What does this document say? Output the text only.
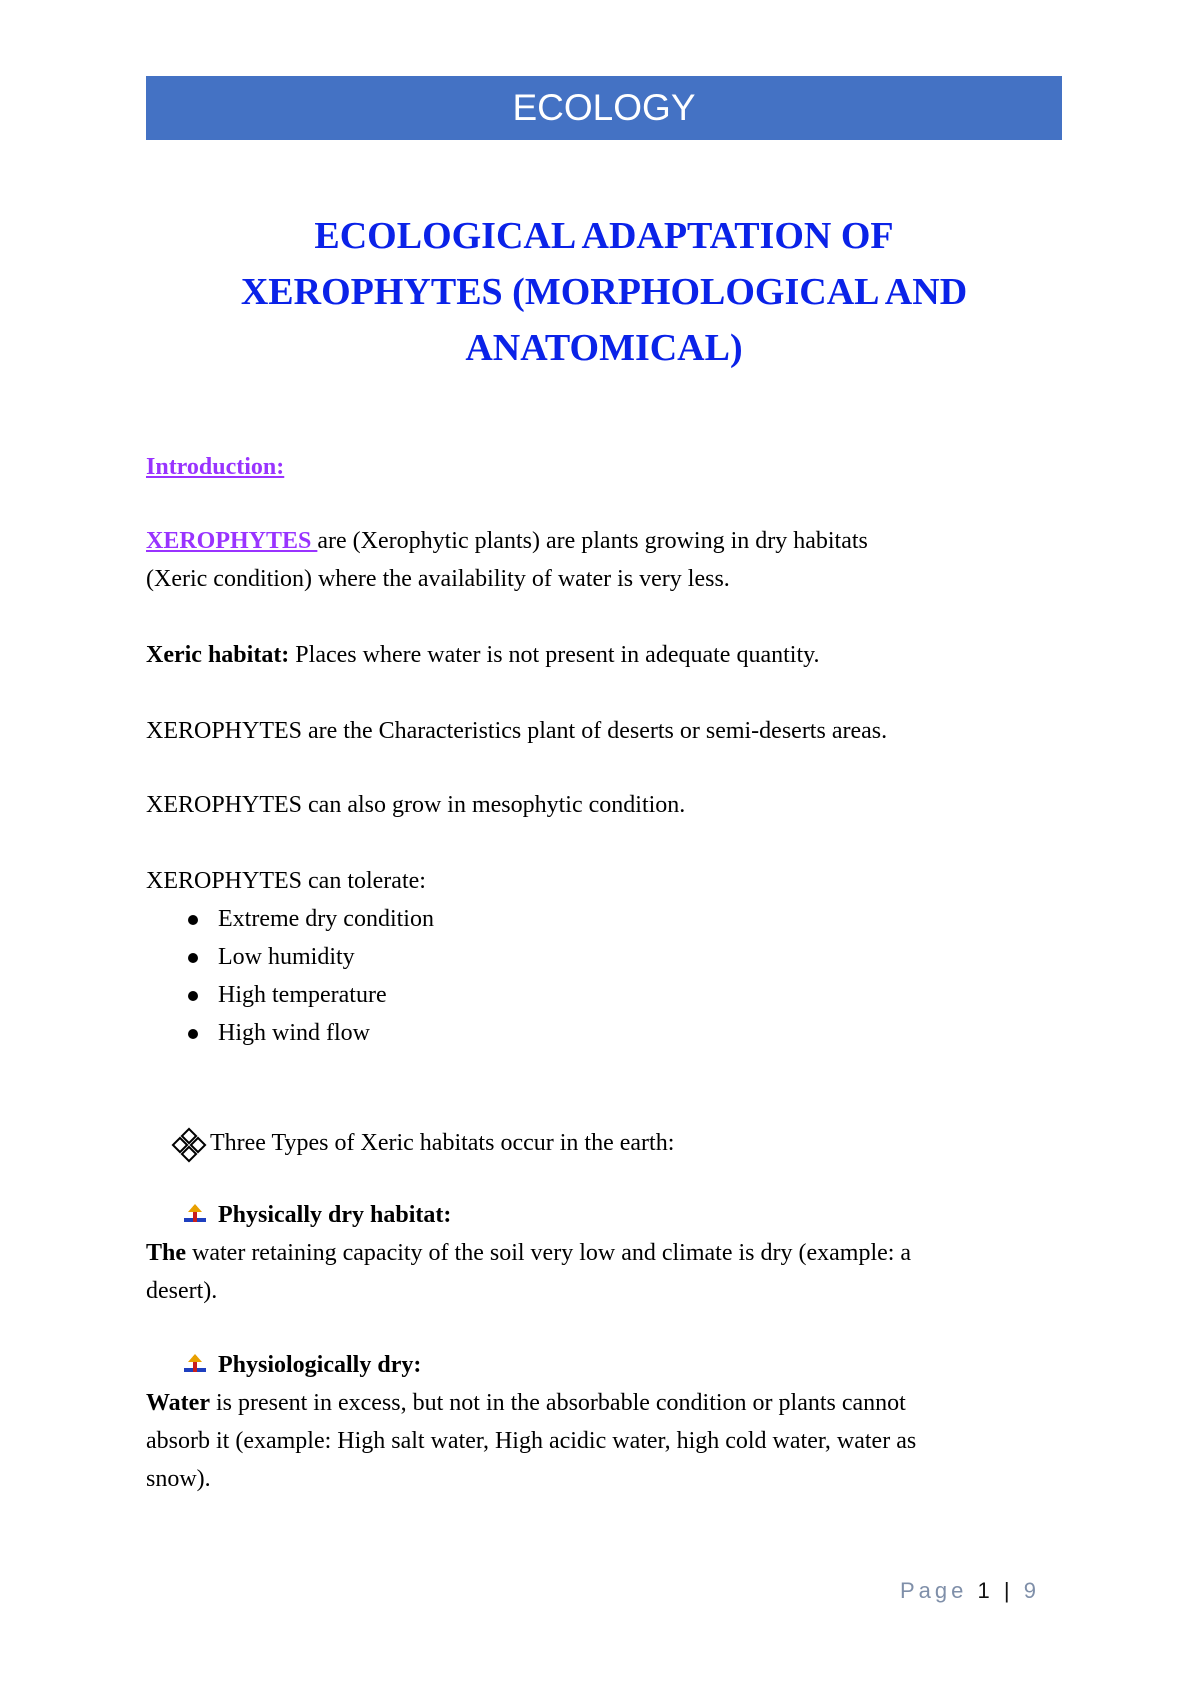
ECOLOGY
ECOLOGICAL ADAPTATION OF
XEROPHYTES (MORPHOLOGICAL AND
ANATOMICAL)

Introduction:

XEROPHYTES are (Xerophytic plants) are plants growing in dry habitats

(Xeric condition) where the availability of water is very less.

Xeric habitat: Places where water is not present in adequate quantity.

XEROPHYTES are the Characteristics plant of deserts or semi-deserts areas.

XEROPHYTES can also grow in mesophytic condition.

XEROPHYTES can tolerate:

Extreme dry condition
Low humidity
High temperature
High wind flow
Three Types of Xeric habitats occur in the earth:
Physically dry habitat:

The water retaining capacity of the soil very low and climate is dry (example: a

desert).

Physiologically dry:

Water is present in excess, but not in the absorbable condition or plants cannot

absorb it (example: High salt water, High acidic water, high cold water, water as

snow).

Page 1 | 9
